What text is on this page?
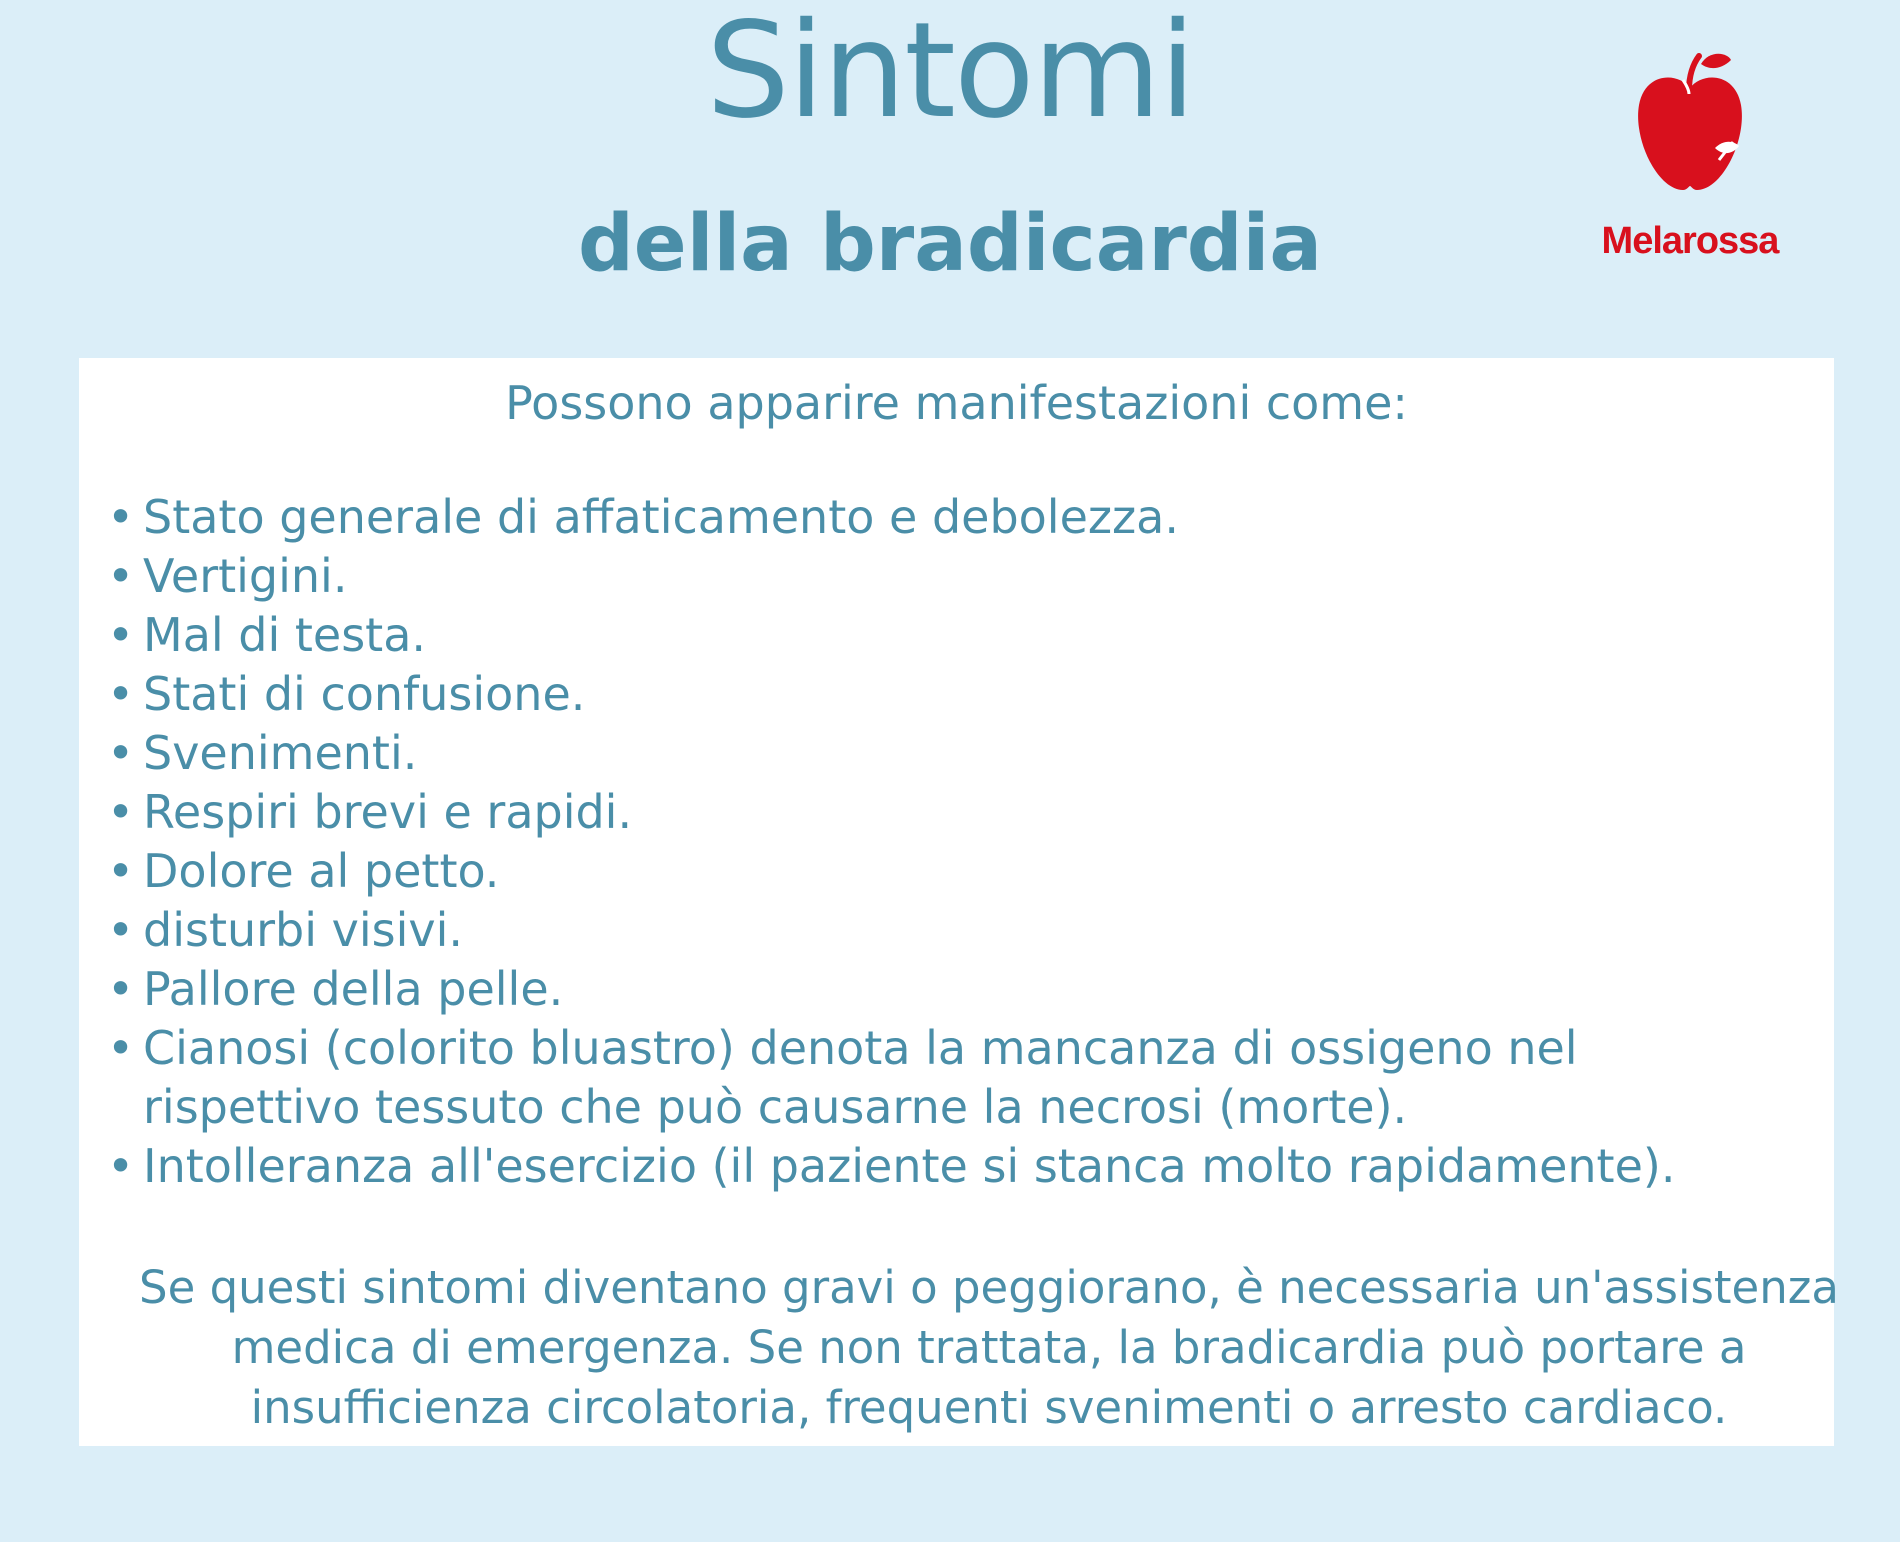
Sintomi
della bradicardia	Melarossa
Possono apparire manifestazioni come:
• Stato generale di affaticamento e debolezza.
• Vertigini.
• Mal di testa.
• Stati di confusione.
• Svenimenti.
• Respiri brevi e rapidi.
• Dolore al petto.
• disturbi visivi.
• Pallore della pelle.
• Cianosi (colorito bluastro) denota la mancanza di ossigeno nel rispettivo tessuto che può causarne la necrosi (morte).
• Intolleranza all'esercizio (il paziente si stanca molto rapidamente).
Se questi sintomi diventano gravi o peggiorano, è necessaria un'assistenza
medica di emergenza. Se non trattata, la bradicardia può portare a
insufficienza circolatoria, frequenti svenimenti o arresto cardiaco.
